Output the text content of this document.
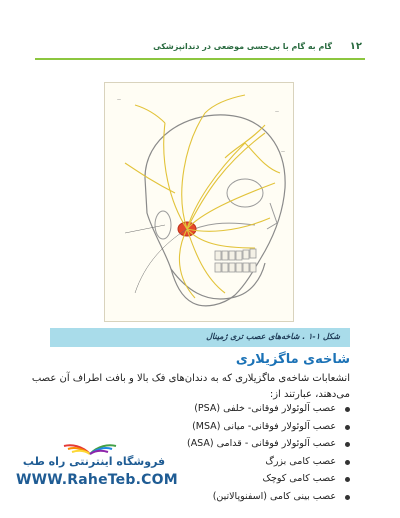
۱۲
گام به گام با بی‌حسی موضعی در دندانپزشکی
—
—
—
شکل ۱-۱ . شاخه‌های عصب تری ژمینال
شاخه‌ی ماگزیلاری

انشعابات شاخه‌ی ماگزیلاری که به دندان‌های فک بالا و بافت اطراف آن عصب

می‌دهند، عبارتند از:

عصب آلوئولار فوقانی- خلفی (PSA)
عصب آلوئولار فوقانی- میانی (MSA)
عصب آلوئولار فوقانی - قدامی (ASA)
عصب کامی بزرگ
عصب کامی کوچک
عصب بینی کامی (اسفنوپالاتین)
فروشگاه اینترنتی راه طب
WWW.RaheTeb.COM
